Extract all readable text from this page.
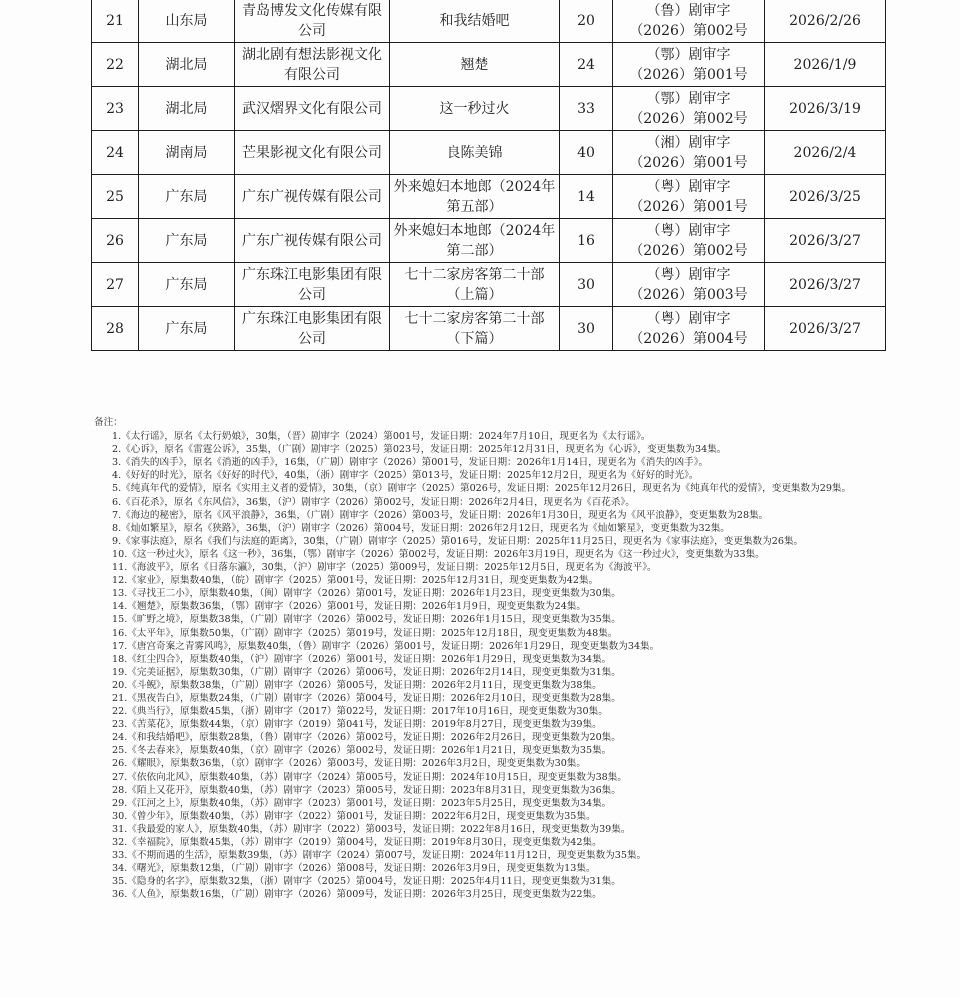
21	山东局	青岛博发文化传媒有限公司	和我结婚吧	20	（鲁）剧审字
（2026）第002号	2026/2/26
22	湖北局	湖北剧有想法影视文化有限公司	翘楚	24	（鄂）剧审字
（2026）第001号	2026/1/9
23	湖北局	武汉熠界文化有限公司	这一秒过火	33	（鄂）剧审字
（2026）第002号	2026/3/19
24	湖南局	芒果影视文化有限公司	良陈美锦	40	（湘）剧审字
（2026）第001号	2026/2/4
25	广东局	广东广视传媒有限公司	外来媳妇本地郎（2024年第五部）	14	（粤）剧审字
（2026）第001号	2026/3/25
26	广东局	广东广视传媒有限公司	外来媳妇本地郎（2024年第二部）	16	（粤）剧审字
（2026）第002号	2026/3/27
27	广东局	广东珠江电影集团有限公司	七十二家房客第二十部（上篇）	30	（粤）剧审字
（2026）第003号	2026/3/27
28	广东局	广东珠江电影集团有限公司	七十二家房客第二十部（下篇）	30	（粤）剧审字
（2026）第004号	2026/3/27
备注：
1.《太行谣》，原名《太行奶娘》，30集，（晋）剧审字（2024）第001号，发证日期：2024年7月10日，现更名为《太行谣》。
2.《心诉》，原名《雷霆公诉》，35集，（广剧）剧审字（2025）第023号，发证日期：2025年12月31日，现更名为《心诉》，变更集数为34集。
3.《消失的凶手》，原名《消逝的凶手》，16集，（广剧）剧审字（2026）第001号，发证日期：2026年1月14日，现更名为《消失的凶手》。
4.《好好的时光》，原名《好好的时代》，40集，（浙）剧审字（2025）第013号，发证日期：2025年12月2日，现更名为《好好的时光》。
5.《纯真年代的爱情》，原名《实用主义者的爱情》，30集，（京）剧审字（2025）第026号，发证日期：2025年12月26日，现更名为《纯真年代的爱情》，变更集数为29集。
6.《百花杀》，原名《东风信》，36集，（沪）剧审字（2026）第002号，发证日期：2026年2月4日，现更名为《百花杀》。
7.《海边的秘密》，原名《风平浪静》，36集，（广剧）剧审字（2026）第003号，发证日期：2026年1月30日，现更名为《风平浪静》，变更集数为28集。
8.《灿如繁星》，原名《狭路》，36集，（沪）剧审字（2026）第004号，发证日期：2026年2月12日，现更名为《灿如繁星》，变更集数为32集。
9.《家事法庭》，原名《我们与法庭的距离》，30集，（广剧）剧审字（2025）第016号，发证日期：2025年11月25日，现更名为《家事法庭》，变更集数为26集。
10.《这一秒过火》，原名《这一秒》，36集，（鄂）剧审字（2026）第002号，发证日期：2026年3月19日，现更名为《这一秒过火》，变更集数为33集。
11.《海波平》，原名《日落东瀛》，30集，（沪）剧审字（2025）第009号，发证日期：2025年12月5日，现更名为《海波平》。
12.《家业》，原集数40集，（皖）剧审字（2025）第001号，发证日期：2025年12月31日，现变更集数为42集。
13.《寻找王二小》，原集数40集，（闽）剧审字（2026）第001号，发证日期：2026年1月23日，现变更集数为30集。
14.《翘楚》，原集数36集，（鄂）剧审字（2026）第001号，发证日期：2026年1月9日，现变更集数为24集。
15.《旷野之境》，原集数38集，（广剧）剧审字（2026）第002号，发证日期：2026年1月15日，现变更集数为35集。
16.《太平年》，原集数50集，（广剧）剧审字（2025）第019号，发证日期：2025年12月18日，现变更集数为48集。
17.《唐宫奇案之青雾风鸣》，原集数40集，（鲁）剧审字（2026）第001号，发证日期：2026年1月29日，现变更集数为34集。
18.《红尘四合》，原集数40集，（沪）剧审字（2026）第001号，发证日期：2026年1月29日，现变更集数为34集。
19.《完美证据》，原集数30集，（广剧）剧审字（2026）第006号，发证日期：2026年2月14日，现变更集数为31集。
20.《斗鲵》，原集数38集，（广剧）剧审字（2026）第005号，发证日期：2026年2月11日，现变更集数为38集。
21.《黑夜告白》，原集数24集，（广剧）剧审字（2026）第004号，发证日期：2026年2月10日，现变更集数为28集。
22.《典当行》，原集数45集，（浙）剧审字（2017）第022号，发证日期：2017年10月16日，现变更集数为30集。
23.《苦菜花》，原集数44集，（京）剧审字（2019）第041号，发证日期：2019年8月27日，现变更集数为39集。
24.《和我结婚吧》，原集数28集，（鲁）剧审字（2026）第002号，发证日期：2026年2月26日，现变更集数为20集。
25.《冬去春来》，原集数40集，（京）剧审字（2026）第002号，发证日期：2026年1月21日，现变更集数为35集。
26.《耀眼》，原集数36集，（京）剧审字（2026）第003号，发证日期：2026年3月2日，现变更集数为30集。
27.《依依向北风》，原集数40集，（苏）剧审字（2024）第005号，发证日期：2024年10月15日，现变更集数为38集。
28.《陌上又花开》，原集数40集，（苏）剧审字（2023）第005号，发证日期：2023年8月31日，现变更集数为36集。
29.《江河之上》，原集数40集，（苏）剧审字（2023）第001号，发证日期：2023年5月25日，现变更集数为34集。
30.《曾少年》，原集数40集，（苏）剧审字（2022）第001号，发证日期：2022年6月2日，现变更集数为35集。
31.《我最爱的家人》，原集数40集，（苏）剧审字（2022）第003号，发证日期：2022年8月16日，现变更集数为39集。
32.《幸福院》，原集数45集，（苏）剧审字（2019）第004号，发证日期：2019年8月30日，现变更集数为42集。
33.《不期而遇的生活》，原集数39集，（苏）剧审字（2024）第007号，发证日期：2024年11月12日，现变更集数为35集。
34.《曙光》，原集数12集，（广剧）剧审字（2026）第008号，发证日期：2026年3月9日，现变更集数为13集。
35.《隐身的名字》，原集数32集，（浙）剧审字（2025）第004号，发证日期：2025年4月11日，现变更集数为31集。
36.《人鱼》，原集数16集，（广剧）剧审字（2026）第009号，发证日期：2026年3月25日，现变更集数为22集。
